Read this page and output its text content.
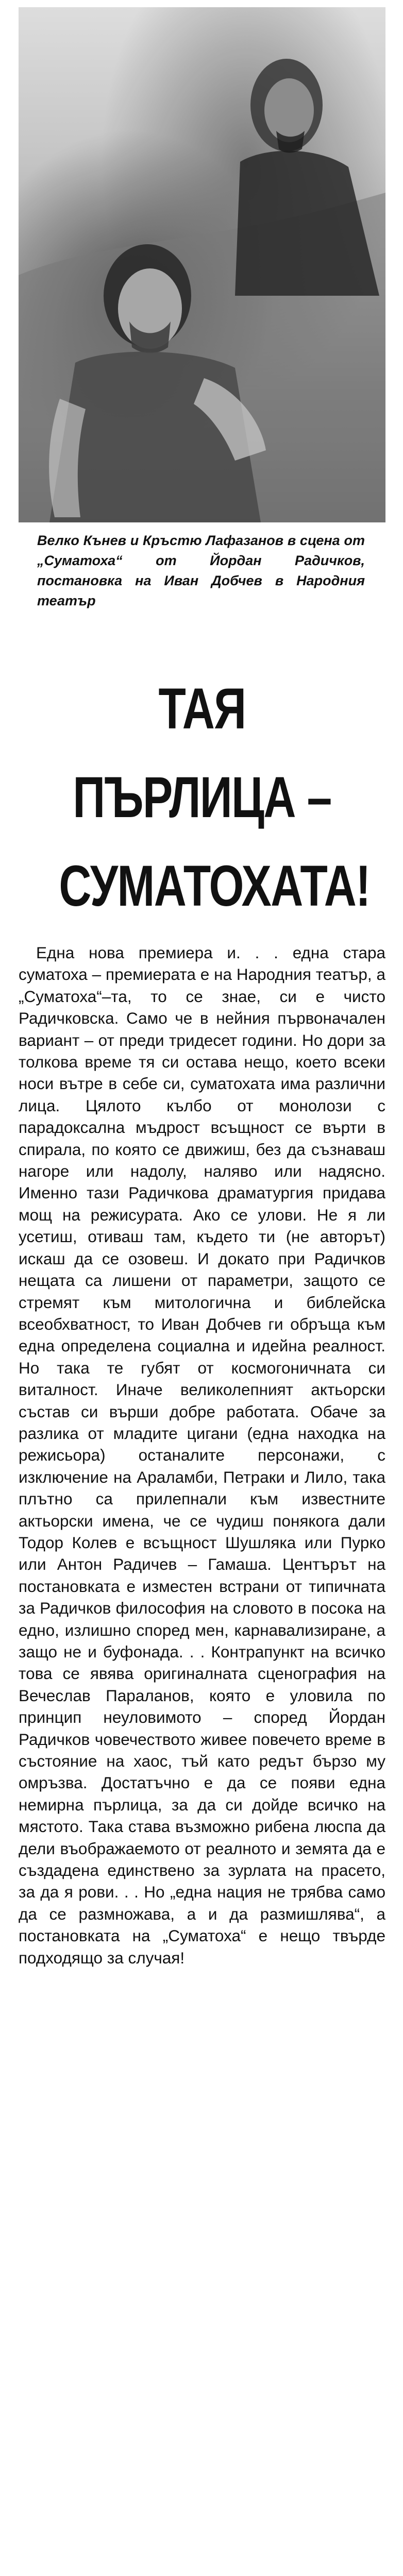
Велко Кънев и Кръстю Лафазанов в сцена от „Суматоха“ от Йордан Радичков, постановка на Иван Добчев в Народния театър
ТАЯ
ПЪРЛИЦА –
СУМАТОХАТА!
Една нова премиера и. . . една стара суматоха – премиерата е на Народния театър, а „Суматоха“–та, то се знае, си е чисто Радичковска. Само че в нейния първоначален вариант – от преди тридесет години. Но дори за толкова време тя си остава нещо, което всеки носи вътре в себе си, суматохата има различни лица. Цялото кълбо от монолози с парадоксална мъдрост всъщност се върти в спирала, по която се движиш, без да съзнаваш нагоре или надолу, наляво или надясно. Именно тази Радичкова драматургия придава мощ на режисурата. Ако се улови. Не я ли усетиш, отиваш там, където ти (не авторът) искаш да се озовеш. И докато при Радичков нещата са лишени от параметри, защото се стремят към митологична и библейска всеобхватност, то Иван Добчев ги обръща към една определена социална и идейна реалност. Но така те губят от космогоничната си виталност. Иначе великолепният актьорски състав си върши добре работата. Обаче за разлика от младите цигани (една находка на режисьора) останалите персонажи, с изключение на Араламби, Петраки и Лило, така плътно са прилепнали към известните актьорски имена, че се чудиш понякога дали Тодор Колев е всъщност Шушляка или Пурко или Антон Радичев – Гамаша. Центърът на постановката е изместен встрани от типичната за Радичков философия на словото в посока на едно, излишно според мен, карнавализиране, а защо не и буфонада. . . Контрапункт на всичко това се явява оригиналната сценография на Вечеслав Параланов, която е уловила по принцип неуловимото – според Йордан Радичков човечеството живее повечето време в състояние на хаос, тъй като редът бързо му омръзва. Достатъчно е да се появи една немирна пърлица, за да си дойде всичко на мястото. Така става възможно рибена люспа да дели въображаемото от реалното и земята да е създадена единствено за зурлата на прасето, за да я рови. . . Но „една нация не трябва само да се размножава, а и да размишлява“, а постановката на „Суматоха“ е нещо твърде подходящо за случая!
